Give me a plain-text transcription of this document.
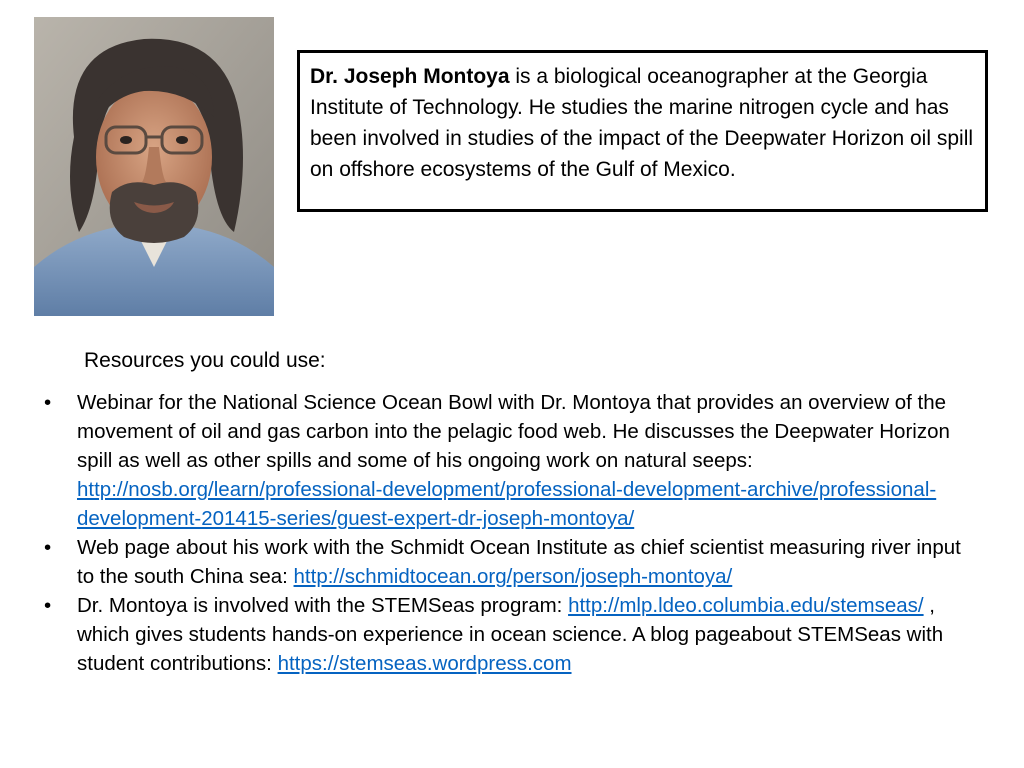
Dr. Joseph Montoya is a biological oceanographer at the Georgia Institute of Technology. He studies the marine nitrogen cycle and has been involved in studies of the impact of the Deepwater Horizon oil spill on offshore ecosystems of the Gulf of Mexico.
Resources you could use:
• Webinar for the National Science Ocean Bowl with Dr. Montoya that provides an overview of the movement of oil and gas carbon into the pelagic food web. He discusses the Deepwater Horizon spill as well as other spills and some of his ongoing work on natural seeps: http://nosb.org/learn/professional-development/professional-development-archive/professional-development-201415-series/guest-expert-dr-joseph-montoya/
• Web page about his work with the Schmidt Ocean Institute as chief scientist measuring river input to the south China sea: http://schmidtocean.org/person/joseph-montoya/
• Dr. Montoya is involved with the STEMSeas program: http://mlp.ldeo.columbia.edu/stemseas/ , which gives students hands-on experience in ocean science. A blog pageabout STEMSeas with student contributions: https://stemseas.wordpress.com
